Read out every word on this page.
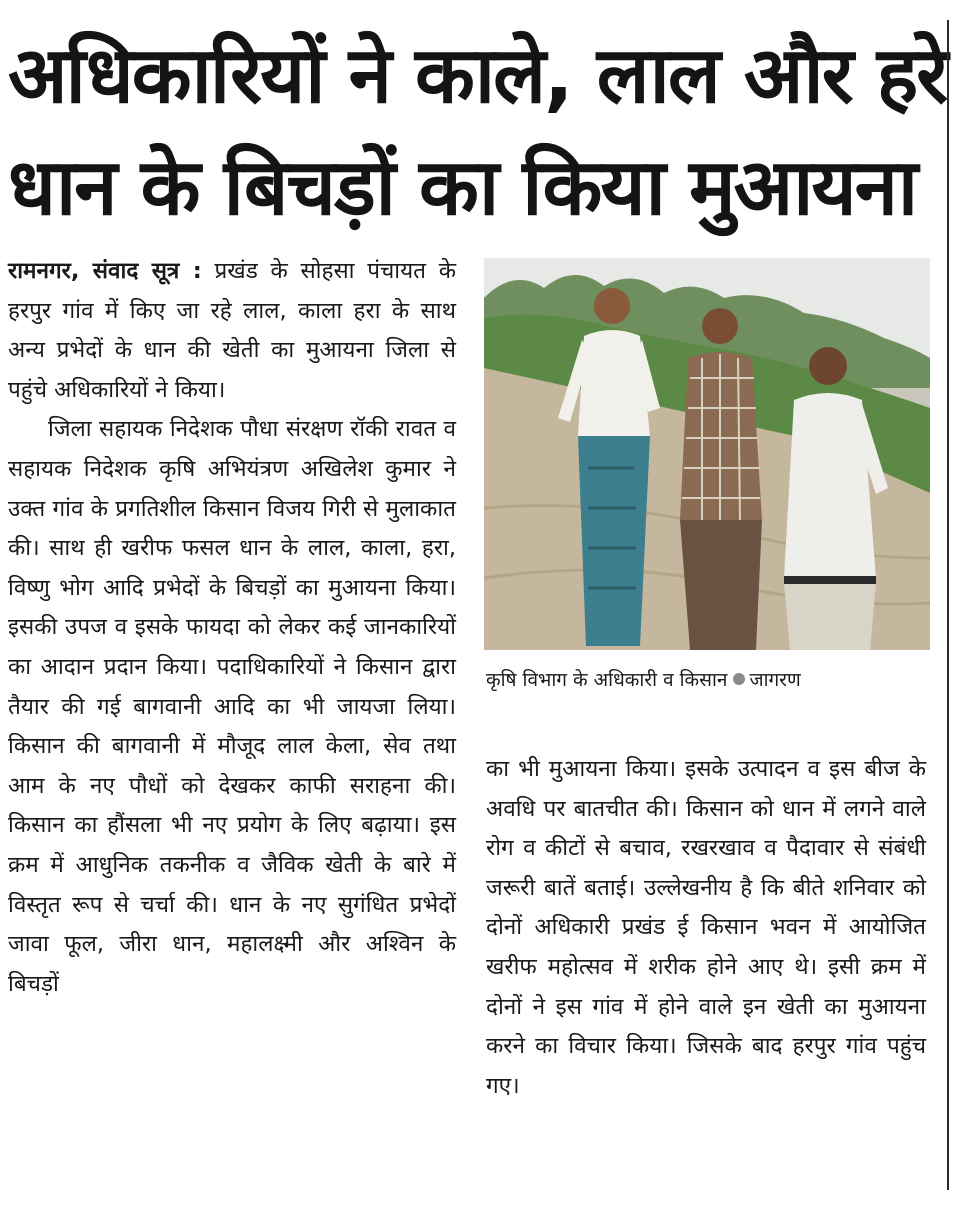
अधिकारियों ने काले, लाल और हरे
धान के बिचड़ों का किया मुआयना

रामनगर, संवाद सूत्र : प्रखंड के सोहसा पंचायत के हरपुर गांव में किए जा रहे लाल, काला हरा के साथ अन्य प्रभेदों के धान की खेती का मुआयना जिला से पहुंचे अधिकारियों ने किया।

जिला सहायक निदेशक पौधा संरक्षण रॉकी रावत व सहायक निदेशक कृषि अभियंत्रण अखिलेश कुमार ने उक्त गांव के प्रगतिशील किसान विजय गिरी से मुलाकात की। साथ ही खरीफ फसल धान के लाल, काला, हरा, विष्णु भोग आदि प्रभेदों के बिचड़ों का मुआयना किया। इसकी उपज व इसके फायदा को लेकर कई जानकारियों का आदान प्रदान किया। पदाधिकारियों ने किसान द्वारा तैयार की गई बागवानी आदि का भी जायजा लिया। किसान की बागवानी में मौजूद लाल केला, सेव तथा आम के नए पौधों को देखकर काफी सराहना की। किसान का हौंसला भी नए प्रयोग के लिए बढ़ाया। इस क्रम में आधुनिक तकनीक व जैविक खेती के बारे में विस्तृत रूप से चर्चा की। धान के नए सुगंधित प्रभेदों जावा फूल, जीरा धान, महालक्ष्मी और अश्विन के बिचड़ों

कृषि विभाग के अधिकारी व किसान जागरण

का भी मुआयना किया। इसके उत्पादन व इस बीज के अवधि पर बातचीत की। किसान को धान में लगने वाले रोग व कीटों से बचाव, रखरखाव व पैदावार से संबंधी जरूरी बातें बताई। उल्लेखनीय है कि बीते शनिवार को दोनों अधिकारी प्रखंड ई किसान भवन में आयोजित खरीफ महोत्सव में शरीक होने आए थे। इसी क्रम में दोनों ने इस गांव में होने वाले इन खेती का मुआयना करने का विचार किया। जिसके बाद हरपुर गांव पहुंच गए।
